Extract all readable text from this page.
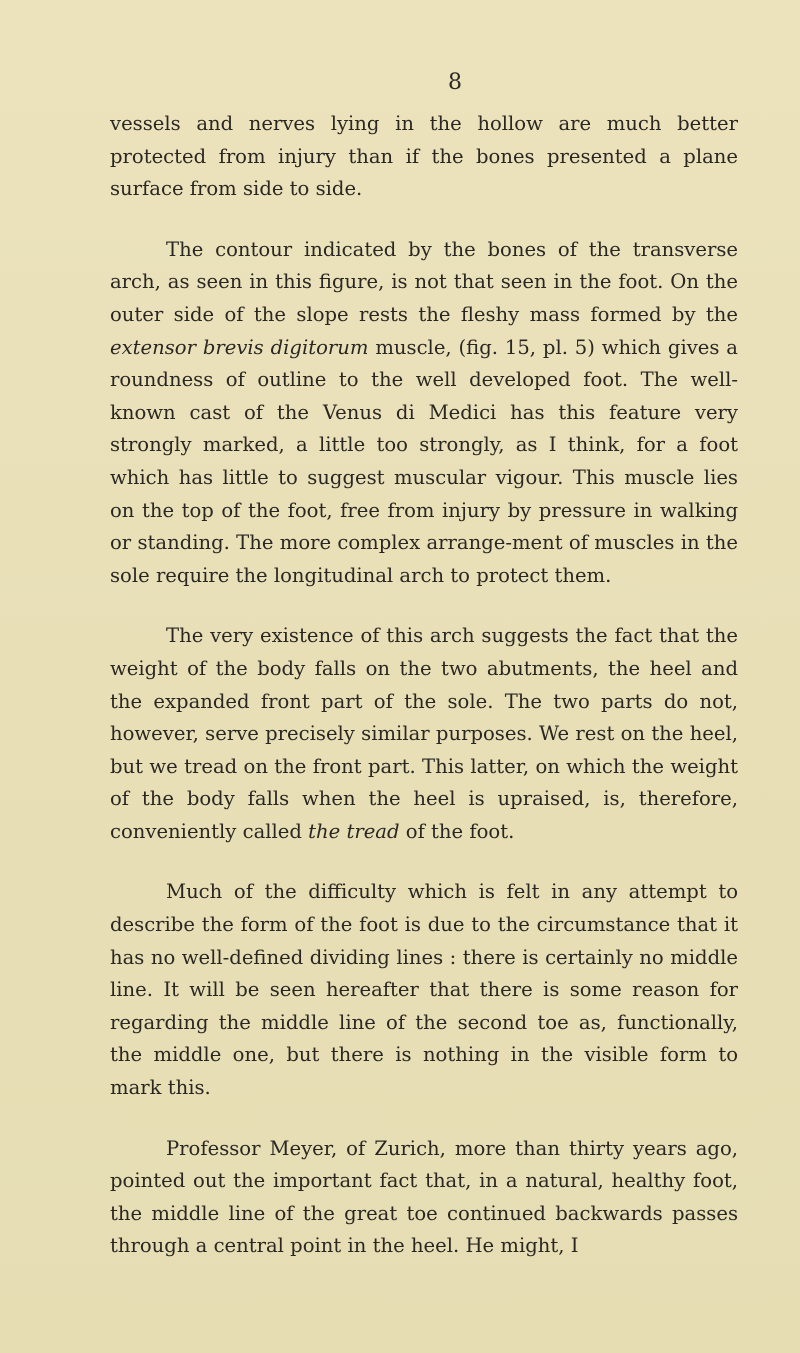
8

vessels and nerves lying in the hollow are much better protected from injury than if the bones presented a plane surface from side to side.

The contour indicated by the bones of the transverse arch, as seen in this figure, is not that seen in the foot. On the outer side of the slope rests the fleshy mass formed by the extensor brevis digitorum muscle, (fig. 15, pl. 5) which gives a roundness of outline to the well developed foot. The well-known cast of the Venus di Medici has this feature very strongly marked, a little too strongly, as I think, for a foot which has little to suggest muscular vigour. This muscle lies on the top of the foot, free from injury by pressure in walking or standing. The more complex arrange-ment of muscles in the sole require the longitudinal arch to protect them.

The very existence of this arch suggests the fact that the weight of the body falls on the two abutments, the heel and the expanded front part of the sole. The two parts do not, however, serve precisely similar purposes. We rest on the heel, but we tread on the front part. This latter, on which the weight of the body falls when the heel is upraised, is, therefore, conveniently called the tread of the foot.

Much of the difficulty which is felt in any attempt to describe the form of the foot is due to the circumstance that it has no well-defined dividing lines : there is certainly no middle line. It will be seen hereafter that there is some reason for regarding the middle line of the second toe as, functionally, the middle one, but there is nothing in the visible form to mark this.

Professor Meyer, of Zurich, more than thirty years ago, pointed out the important fact that, in a natural, healthy foot, the middle line of the great toe continued backwards passes through a central point in the heel. He might, I
